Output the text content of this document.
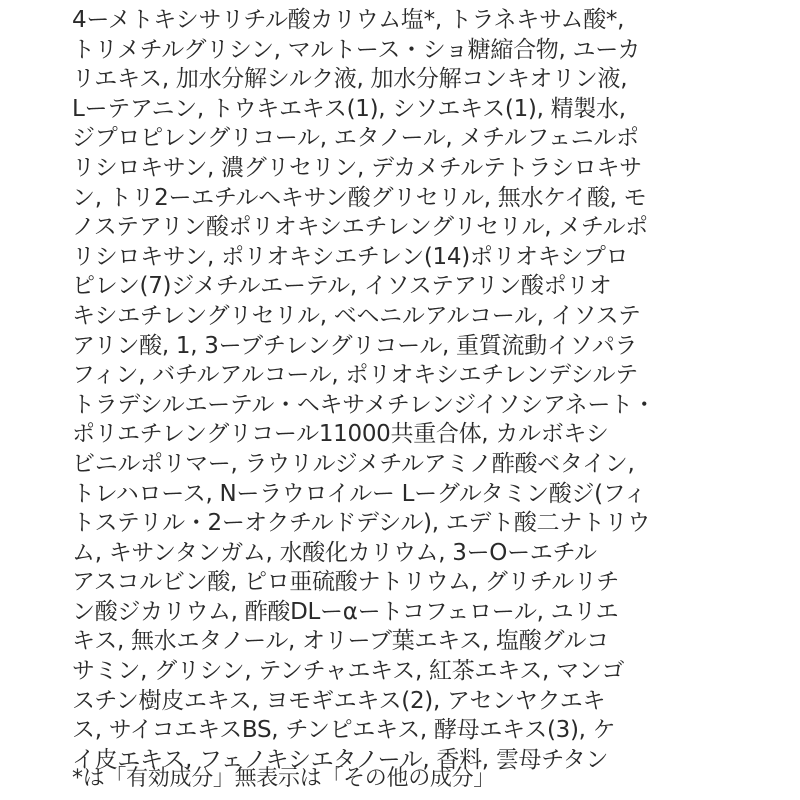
4ーメトキシサリチル酸カリウム塩*, トラネキサム酸*,
トリメチルグリシン, マルトース・ショ糖縮合物, ユーカ
リエキス, 加水分解シルク液, 加水分解コンキオリン液,
Lーテアニン, トウキエキス(1), シソエキス(1), 精製水,
ジプロピレングリコール, エタノール, メチルフェニルポ
リシロキサン, 濃グリセリン, デカメチルテトラシロキサ
ン, トリ2ーエチルヘキサン酸グリセリル, 無水ケイ酸, モ
ノステアリン酸ポリオキシエチレングリセリル, メチルポ
リシロキサン, ポリオキシエチレン(14)ポリオキシプロ
ピレン(7)ジメチルエーテル, イソステアリン酸ポリオ
キシエチレングリセリル, ベヘニルアルコール, イソステ
アリン酸, 1, 3ーブチレングリコール, 重質流動イソパラ
フィン, バチルアルコール, ポリオキシエチレンデシルテ
トラデシルエーテル・ヘキサメチレンジイソシアネート・
ポリエチレングリコール11000共重合体, カルボキシ
ビニルポリマー, ラウリルジメチルアミノ酢酸ベタイン,
トレハロース, Nーラウロイルー Lーグルタミン酸ジ(フィ
トステリル・2ーオクチルドデシル), エデト酸二ナトリウ
ム, キサンタンガム, 水酸化カリウム, 3ーOーエチル
アスコルビン酸, ピロ亜硫酸ナトリウム, グリチルリチ
ン酸ジカリウム, 酢酸DLーαートコフェロール, ユリエ
キス, 無水エタノール, オリーブ葉エキス, 塩酸グルコ
サミン, グリシン, テンチャエキス, 紅茶エキス, マンゴ
スチン樹皮エキス, ヨモギエキス(2), アセンヤクエキ
ス, サイコエキスBS, チンピエキス, 酵母エキス(3), ケ
イ皮エキス, フェノキシエタノール, 香料, 雲母チタン
*は「有効成分」無表示は「その他の成分」
